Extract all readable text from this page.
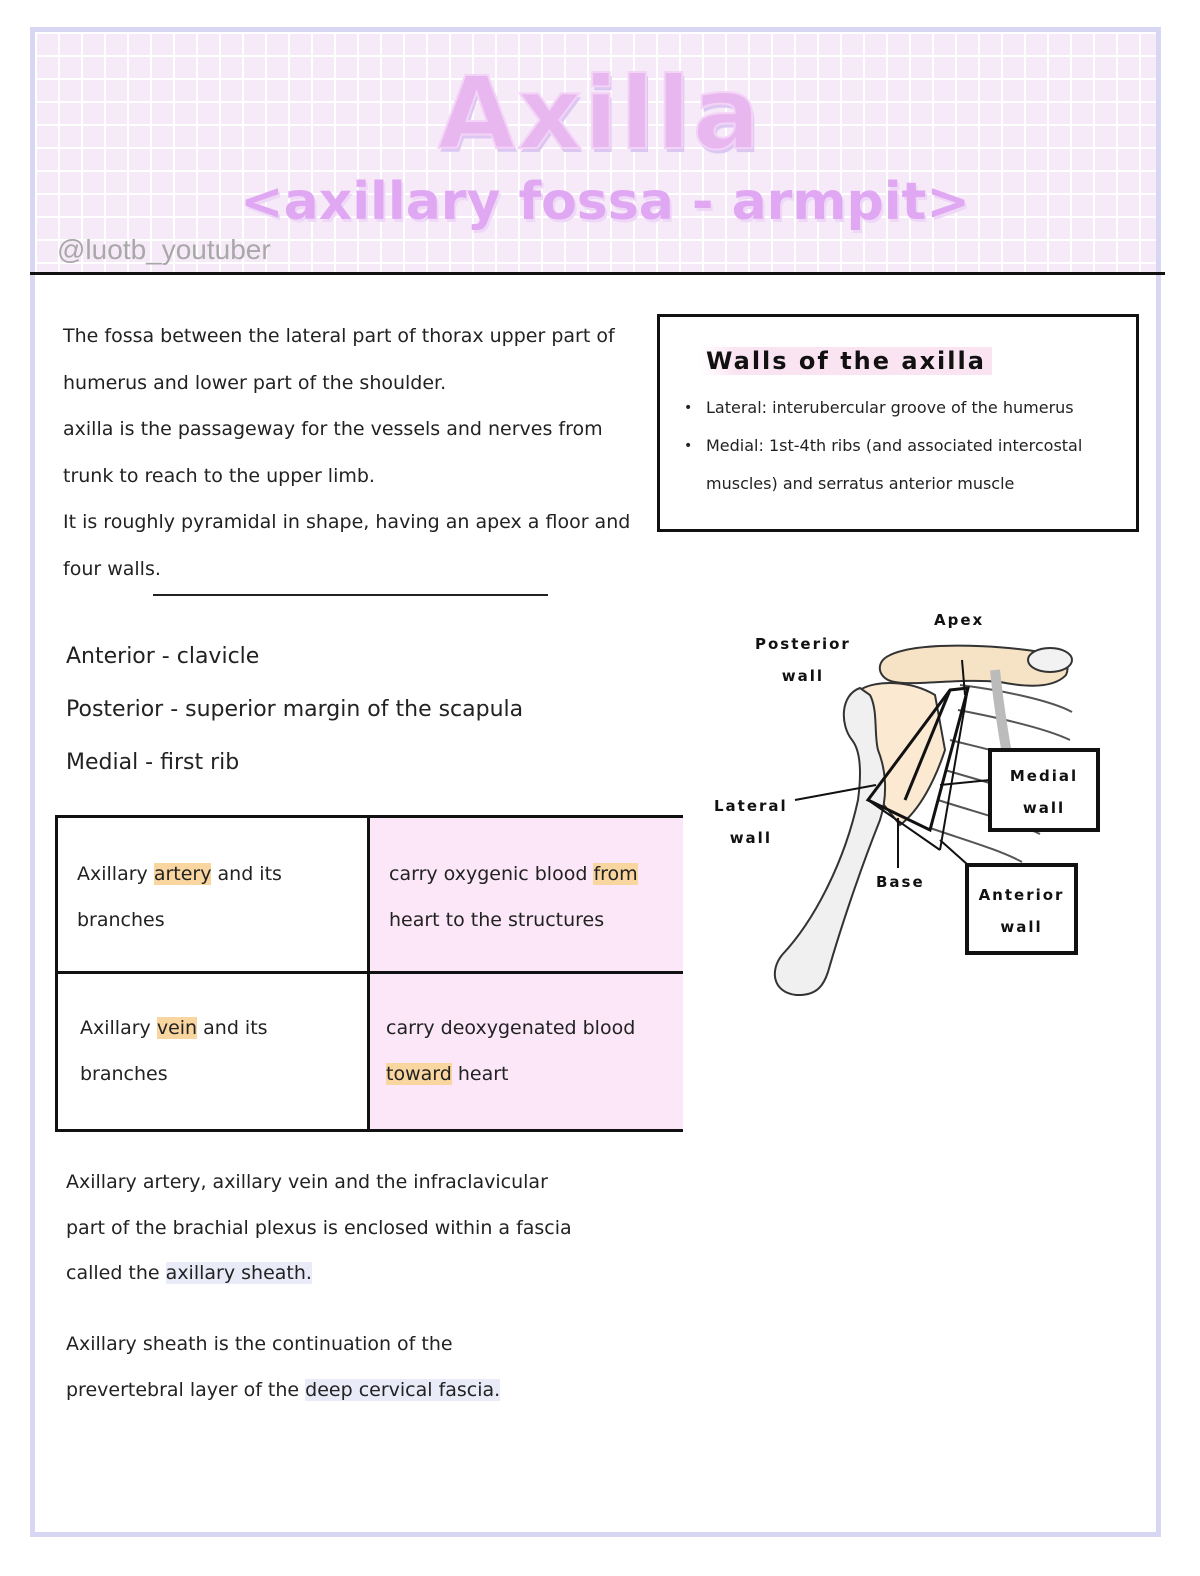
Axilla
<axillary fossa - armpit>
@luotb_youtuber

The fossa between the lateral part of thorax upper part of humerus and lower part of the shoulder.

axilla is the passageway for the vessels and nerves from trunk to reach to the upper limb.

It is roughly pyramidal in shape, having an apex a floor and four walls.

Walls of the axilla
• Lateral: interubercular groove of the humerus
• Medial: 1st-4th ribs (and associated intercostal muscles) and serratus anterior muscle
Anterior - clavicle
Posterior - superior margin of the scapula
Medial - first rib
Axillary artery and its branches
carry oxygenic blood from heart to the structures
Axillary vein and its branches
carry deoxygenated blood toward heart

Axillary artery, axillary vein and the infraclavicular part of the brachial plexus is enclosed within a fascia called the axillary sheath.

Axillary sheath is the continuation of the prevertebral layer of the deep cervical fascia.

Apex
Posterior
wall
Lateral
wall
Medial
wall
Base
Anterior
wall
